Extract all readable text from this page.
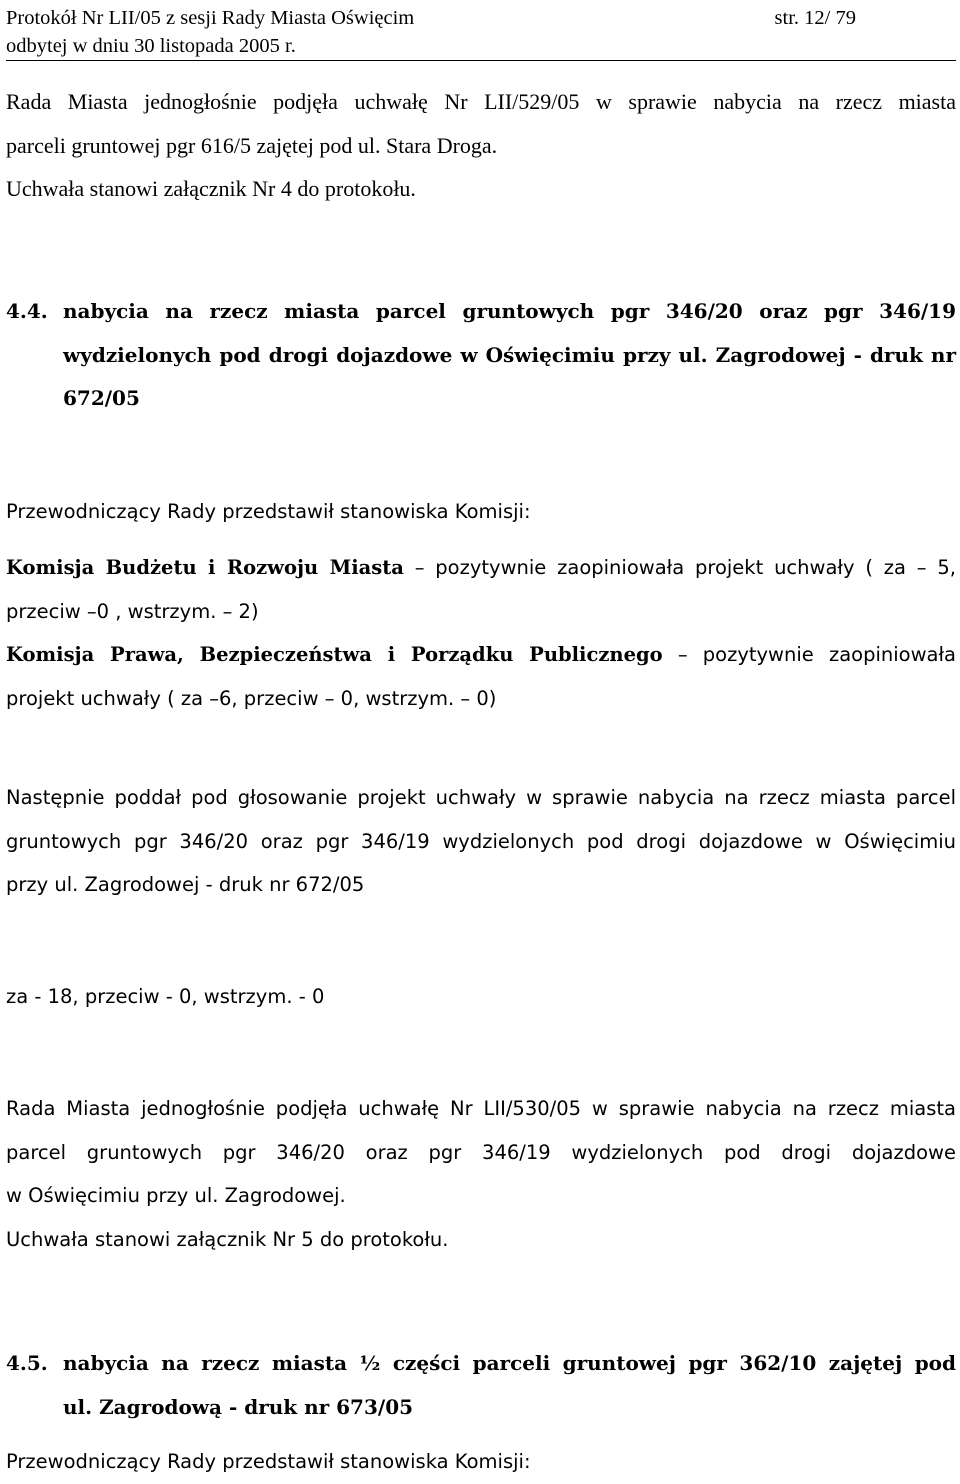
Protokół Nr LII/05 z sesji Rady Miasta Oświęcim	str. 12/ 79
odbytej w dniu 30 listopada 2005 r.
Rada Miasta jednogłośnie podjęła uchwałę Nr LII/529/05 w sprawie nabycia na rzecz miasta
parceli gruntowej pgr 616/5 zajętej pod ul. Stara Droga.
Uchwała stanowi załącznik Nr 4 do protokołu.
4.4. nabycia na rzecz miasta parcel gruntowych pgr 346/20 oraz pgr 346/19
wydzielonych pod drogi dojazdowe w Oświęcimiu przy ul. Zagrodowej - druk nr
672/05
Przewodniczący Rady przedstawił stanowiska Komisji:
Komisja Budżetu i Rozwoju Miasta – pozytywnie zaopiniowała projekt uchwały ( za – 5,
przeciw –0 , wstrzym. – 2)
Komisja Prawa, Bezpieczeństwa i Porządku Publicznego – pozytywnie zaopiniowała
projekt uchwały ( za –6, przeciw – 0, wstrzym. – 0)
Następnie poddał pod głosowanie projekt uchwały w sprawie nabycia na rzecz miasta parcel
gruntowych pgr 346/20 oraz pgr 346/19 wydzielonych pod drogi dojazdowe w Oświęcimiu
przy ul. Zagrodowej - druk nr 672/05
za - 18, przeciw - 0, wstrzym. - 0
Rada Miasta jednogłośnie podjęła uchwałę Nr LII/530/05 w sprawie nabycia na rzecz miasta
parcel gruntowych pgr 346/20 oraz pgr 346/19 wydzielonych pod drogi dojazdowe
w Oświęcimiu przy ul. Zagrodowej.
Uchwała stanowi załącznik Nr 5 do protokołu.
4.5. nabycia na rzecz miasta ½ części parceli gruntowej pgr 362/10 zajętej pod
ul. Zagrodową - druk nr 673/05
Przewodniczący Rady przedstawił stanowiska Komisji:
